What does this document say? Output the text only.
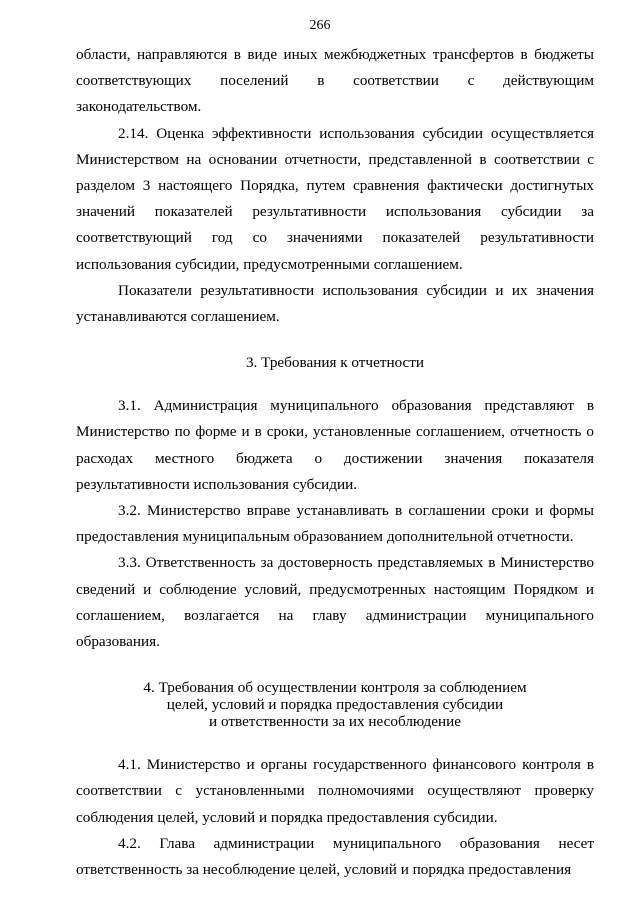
266

области, направляются в виде иных межбюджетных трансфертов в бюджеты соответствующих поселений в соответствии с действующим законодательством.

2.14. Оценка эффективности использования субсидии осуществляется Министерством на основании отчетности, представленной в соответствии с разделом 3 настоящего Порядка, путем сравнения фактически достигнутых значений показателей результативности использования субсидии за соответствующий год со значениями показателей результативности использования субсидии, предусмотренными соглашением.

Показатели результативности использования субсидии и их значения устанавливаются соглашением.

3. Требования к отчетности

3.1. Администрация муниципального образования представляют в Министерство по форме и в сроки, установленные соглашением, отчетность о расходах местного бюджета о достижении значения показателя результативности использования субсидии.

3.2. Министерство вправе устанавливать в соглашении сроки и формы предоставления муниципальным образованием дополнительной отчетности.

3.3. Ответственность за достоверность представляемых в Министерство сведений и соблюдение условий, предусмотренных настоящим Порядком и соглашением, возлагается на главу администрации муниципального образования.

4. Требования об осуществлении контроля за соблюдением
целей, условий и порядка предоставления субсидии
и ответственности за их несоблюдение

4.1. Министерство и органы государственного финансового контроля в соответствии с установленными полномочиями осуществляют проверку соблюдения целей, условий и порядка предоставления субсидии.

4.2. Глава администрации муниципального образования несет ответственность за несоблюдение целей, условий и порядка предоставления
